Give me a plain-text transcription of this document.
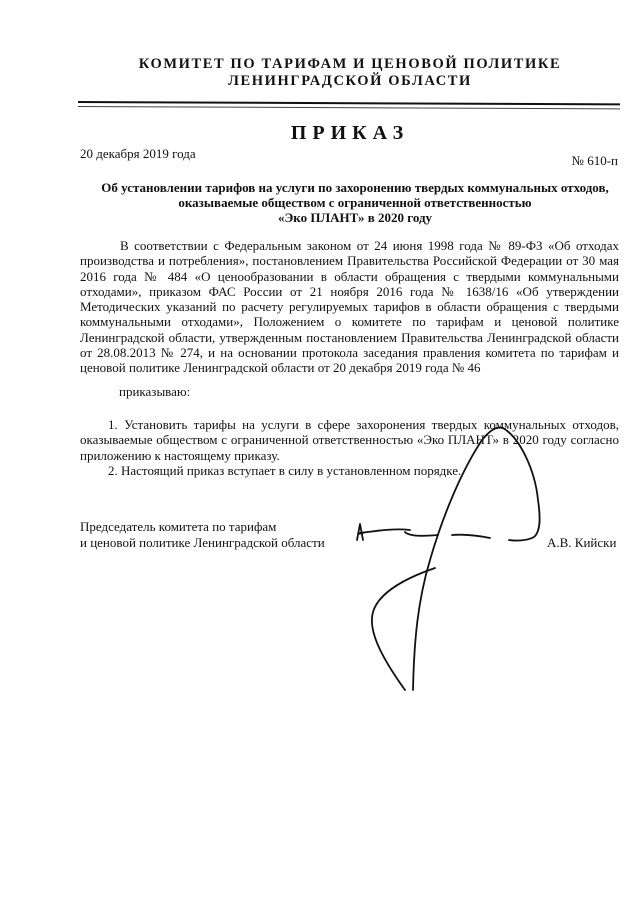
КОМИТЕТ ПО ТАРИФАМ И ЦЕНОВОЙ ПОЛИТИКЕ
ЛЕНИНГРАДСКОЙ ОБЛАСТИ
ПРИКАЗ
20 декабря 2019 года	№ 610-п
Об установлении тарифов на услуги по захоронению твердых коммунальных отходов,
оказываемые обществом с ограниченной ответственностью
«Эко ПЛАНТ» в 2020 году

В соответствии с Федеральным законом от 24 июня 1998 года № 89-ФЗ «Об отходах производства и потребления», постановлением Правительства Российской Федерации от 30 мая 2016 года № 484 «О ценообразовании в области обращения с твердыми коммунальными отходами», приказом ФАС России от 21 ноября 2016 года № 1638/16 «Об утверждении Методических указаний по расчету регулируемых тарифов в области обращения с твердыми коммунальными отходами», Положением о комитете по тарифам и ценовой политике Ленинградской области, утвержденным постановлением Правительства Ленинградской области от 28.08.2013 № 274, и на основании протокола заседания правления комитета по тарифам и ценовой политике Ленинградской области от 20 декабря 2019 года № 46

приказываю:

1. Установить тарифы на услуги в сфере захоронения твердых коммунальных отходов, оказываемые обществом с ограниченной ответственностью «Эко ПЛАНТ» в 2020 году согласно приложению к настоящему приказу.

2. Настоящий приказ вступает в силу в установленном порядке.

Председатель комитета по тарифам
и ценовой политике Ленинградской области	А.В. Кийски
